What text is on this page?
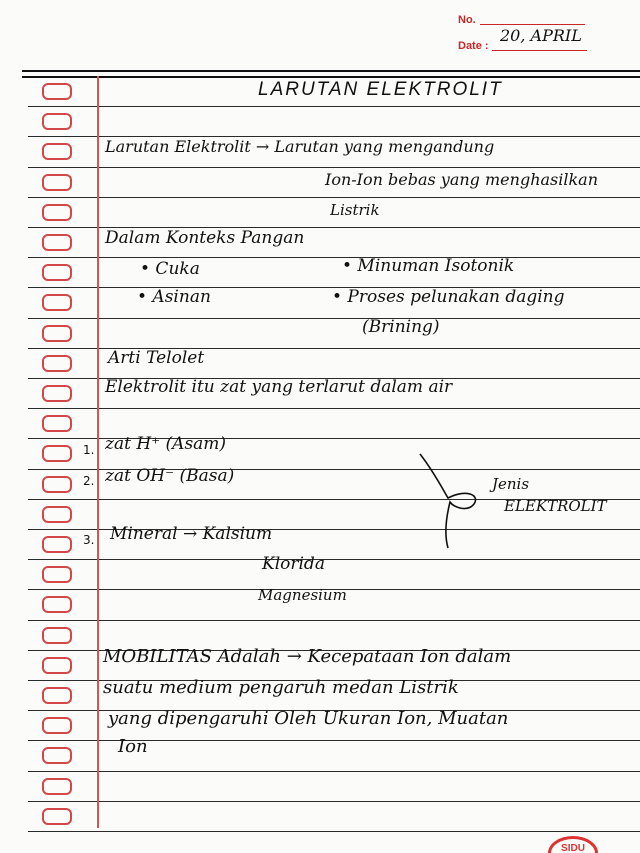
No.
Date :
20, APRIL
LARUTAN ELEKTROLIT
Larutan Elektrolit → Larutan yang mengandung
Ion-Ion bebas yang menghasilkan
Listrik
Dalam Konteks Pangan
• Cuka	• Minuman Isotonik
• Asinan	• Proses pelunakan daging
(Brining)
Arti Telolet
Elektrolit itu zat yang terlarut dalam air
1.
2.
3.
zat H⁺ (Asam)
zat OH⁻ (Basa)
Mineral → Kalsium
Klorida
Magnesium
Jenis
ELEKTROLIT
MOBILITAS Adalah → Kecepataan Ion dalam
suatu medium pengaruh medan Listrik
yang dipengaruhi Oleh Ukuran Ion, Muatan
Ion
SIDU
